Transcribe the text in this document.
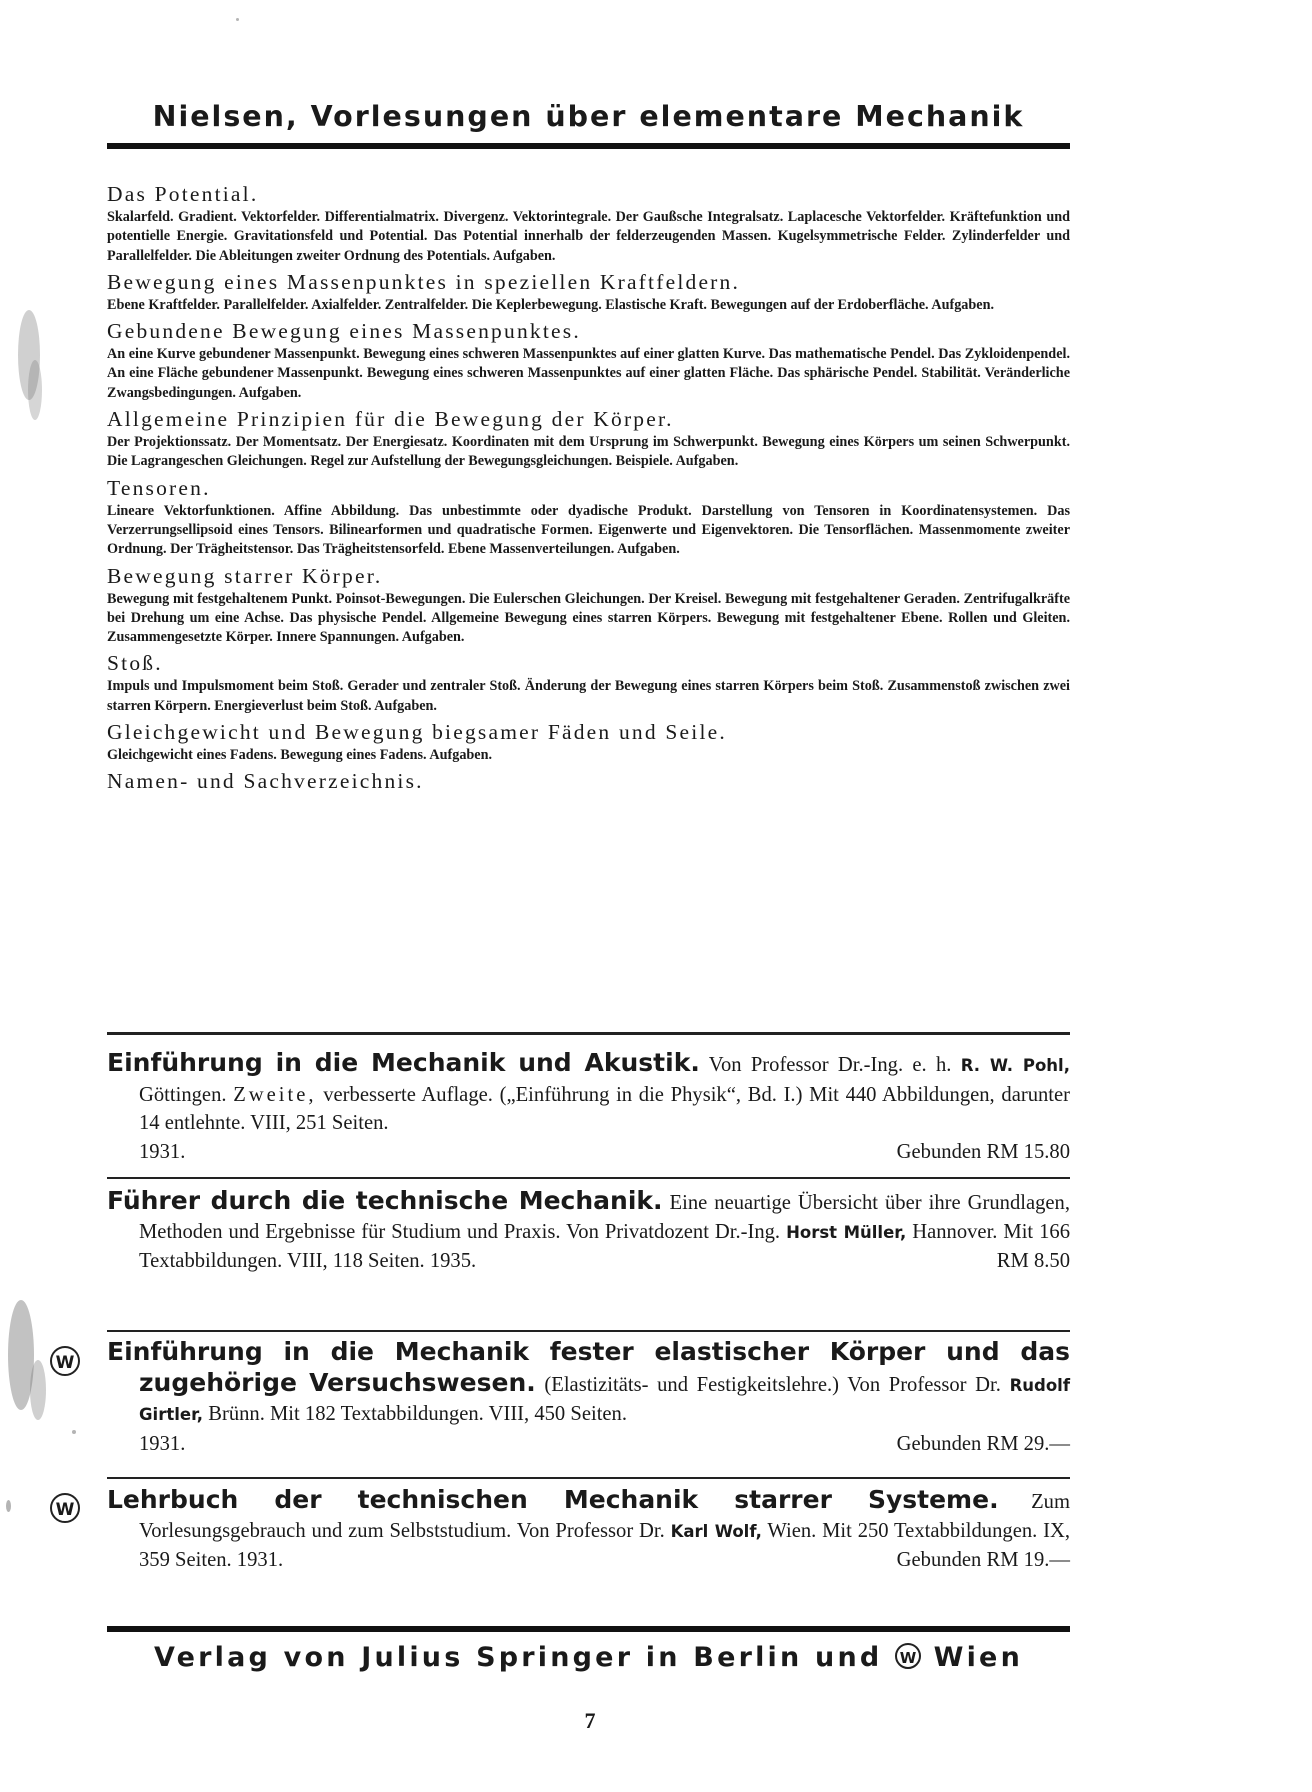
Nielsen, Vorlesungen über elementare Mechanik

Das Potential.

Skalarfeld. Gradient. Vektorfelder. Differentialmatrix. Divergenz. Vektorintegrale. Der Gaußsche Integralsatz. Laplacesche Vektorfelder. Kräftefunktion und potentielle Energie. Gravitationsfeld und Potential. Das Potential innerhalb der felderzeugenden Massen. Kugelsymmetrische Felder. Zylinderfelder und Parallelfelder. Die Ableitungen zweiter Ordnung des Potentials. Aufgaben.

Bewegung eines Massenpunktes in speziellen Kraftfeldern.

Ebene Kraftfelder. Parallelfelder. Axialfelder. Zentralfelder. Die Keplerbewegung. Elastische Kraft. Bewegungen auf der Erdoberfläche. Aufgaben.

Gebundene Bewegung eines Massenpunktes.

An eine Kurve gebundener Massenpunkt. Bewegung eines schweren Massenpunktes auf einer glatten Kurve. Das mathematische Pendel. Das Zykloidenpendel. An eine Fläche gebundener Massenpunkt. Bewegung eines schweren Massenpunktes auf einer glatten Fläche. Das sphärische Pendel. Stabilität. Veränderliche Zwangsbedingungen. Aufgaben.

Allgemeine Prinzipien für die Bewegung der Körper.

Der Projektionssatz. Der Momentsatz. Der Energiesatz. Koordinaten mit dem Ursprung im Schwerpunkt. Bewegung eines Körpers um seinen Schwerpunkt. Die Lagrangeschen Gleichungen. Regel zur Aufstellung der Bewegungsgleichungen. Beispiele. Aufgaben.

Tensoren.

Lineare Vektorfunktionen. Affine Abbildung. Das unbestimmte oder dyadische Produkt. Darstellung von Tensoren in Koordinatensystemen. Das Verzerrungsellipsoid eines Tensors. Bilinearformen und quadratische Formen. Eigenwerte und Eigenvektoren. Die Tensorflächen. Massenmomente zweiter Ordnung. Der Trägheitstensor. Das Trägheitstensorfeld. Ebene Massenverteilungen. Aufgaben.

Bewegung starrer Körper.

Bewegung mit festgehaltenem Punkt. Poinsot-Bewegungen. Die Eulerschen Gleichungen. Der Kreisel. Bewegung mit festgehaltener Geraden. Zentrifugalkräfte bei Drehung um eine Achse. Das physische Pendel. Allgemeine Bewegung eines starren Körpers. Bewegung mit festgehaltener Ebene. Rollen und Gleiten. Zusammengesetzte Körper. Innere Spannungen. Aufgaben.

Stoß.

Impuls und Impulsmoment beim Stoß. Gerader und zentraler Stoß. Änderung der Bewegung eines starren Körpers beim Stoß. Zusammenstoß zwischen zwei starren Körpern. Energieverlust beim Stoß. Aufgaben.

Gleichgewicht und Bewegung biegsamer Fäden und Seile.

Gleichgewicht eines Fadens. Bewegung eines Fadens. Aufgaben.

Namen- und Sachverzeichnis.

Einführung in die Mechanik und Akustik. Von Professor Dr.-Ing. e. h. R. W. Pohl, Göttingen. Zweite, verbesserte Auflage. („Einführung in die Physik“, Bd. I.) Mit 440 Abbildungen, darunter 14 entlehnte. VIII, 251 Seiten.
1931.	Gebunden RM 15.80
Führer durch die technische Mechanik. Eine neuartige Übersicht über ihre Grundlagen, Methoden und Ergebnisse für Studium und Praxis. Von Privatdozent Dr.-Ing. Horst Müller, Hannover. Mit 166 Textabbildungen. VIII, 118 Seiten. 1935.	RM 8.50
W Einführung in die Mechanik fester elastischer Körper und das zugehörige Versuchswesen. (Elastizitäts- und Festigkeitslehre.) Von Professor Dr. Rudolf Girtler, Brünn. Mit 182 Textabbildungen. VIII, 450 Seiten.
1931.	Gebunden RM 29.—
W Lehrbuch der technischen Mechanik starrer Systeme. Zum Vorlesungsgebrauch und zum Selbststudium. Von Professor Dr. Karl Wolf, Wien. Mit 250 Textabbildungen. IX, 359 Seiten. 1931.	Gebunden RM 19.—
Verlag von Julius Springer in Berlin und W Wien
7
